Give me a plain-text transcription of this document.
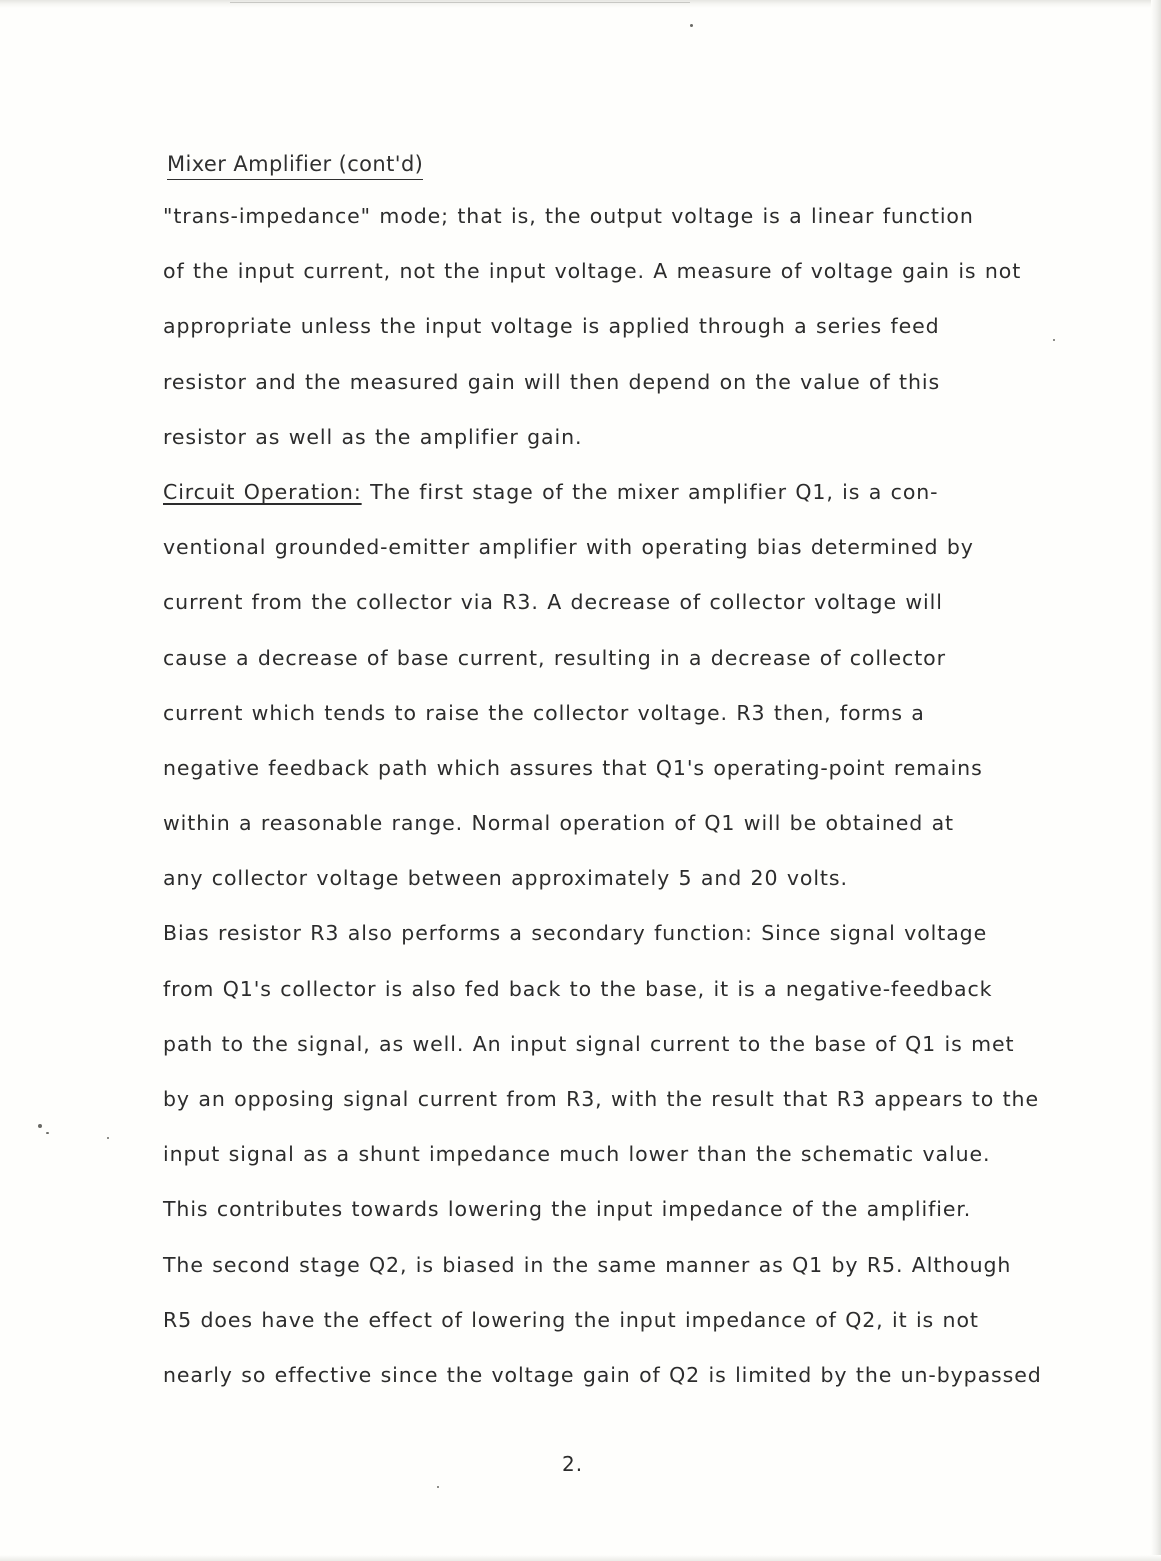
Mixer Amplifier (cont'd)
"trans-impedance" mode; that is, the output voltage is a linear function
of the input current, not the input voltage. A measure of voltage gain is not
appropriate unless the input voltage is applied through a series feed
resistor and the measured gain will then depend on the value of this
resistor as well as the amplifier gain.
Circuit Operation: The first stage of the mixer amplifier Q1, is a con-
ventional grounded-emitter amplifier with operating bias determined by
current from the collector via R3. A decrease of collector voltage will
cause a decrease of base current, resulting in a decrease of collector
current which tends to raise the collector voltage. R3 then, forms a
negative feedback path which assures that Q1's operating-point remains
within a reasonable range. Normal operation of Q1 will be obtained at
any collector voltage between approximately 5 and 20 volts.
Bias resistor R3 also performs a secondary function: Since signal voltage
from Q1's collector is also fed back to the base, it is a negative-feedback
path to the signal, as well. An input signal current to the base of Q1 is met
by an opposing signal current from R3, with the result that R3 appears to the
input signal as a shunt impedance much lower than the schematic value.
This contributes towards lowering the input impedance of the amplifier.
The second stage Q2, is biased in the same manner as Q1 by R5. Although
R5 does have the effect of lowering the input impedance of Q2, it is not
nearly so effective since the voltage gain of Q2 is limited by the un-bypassed
2.
